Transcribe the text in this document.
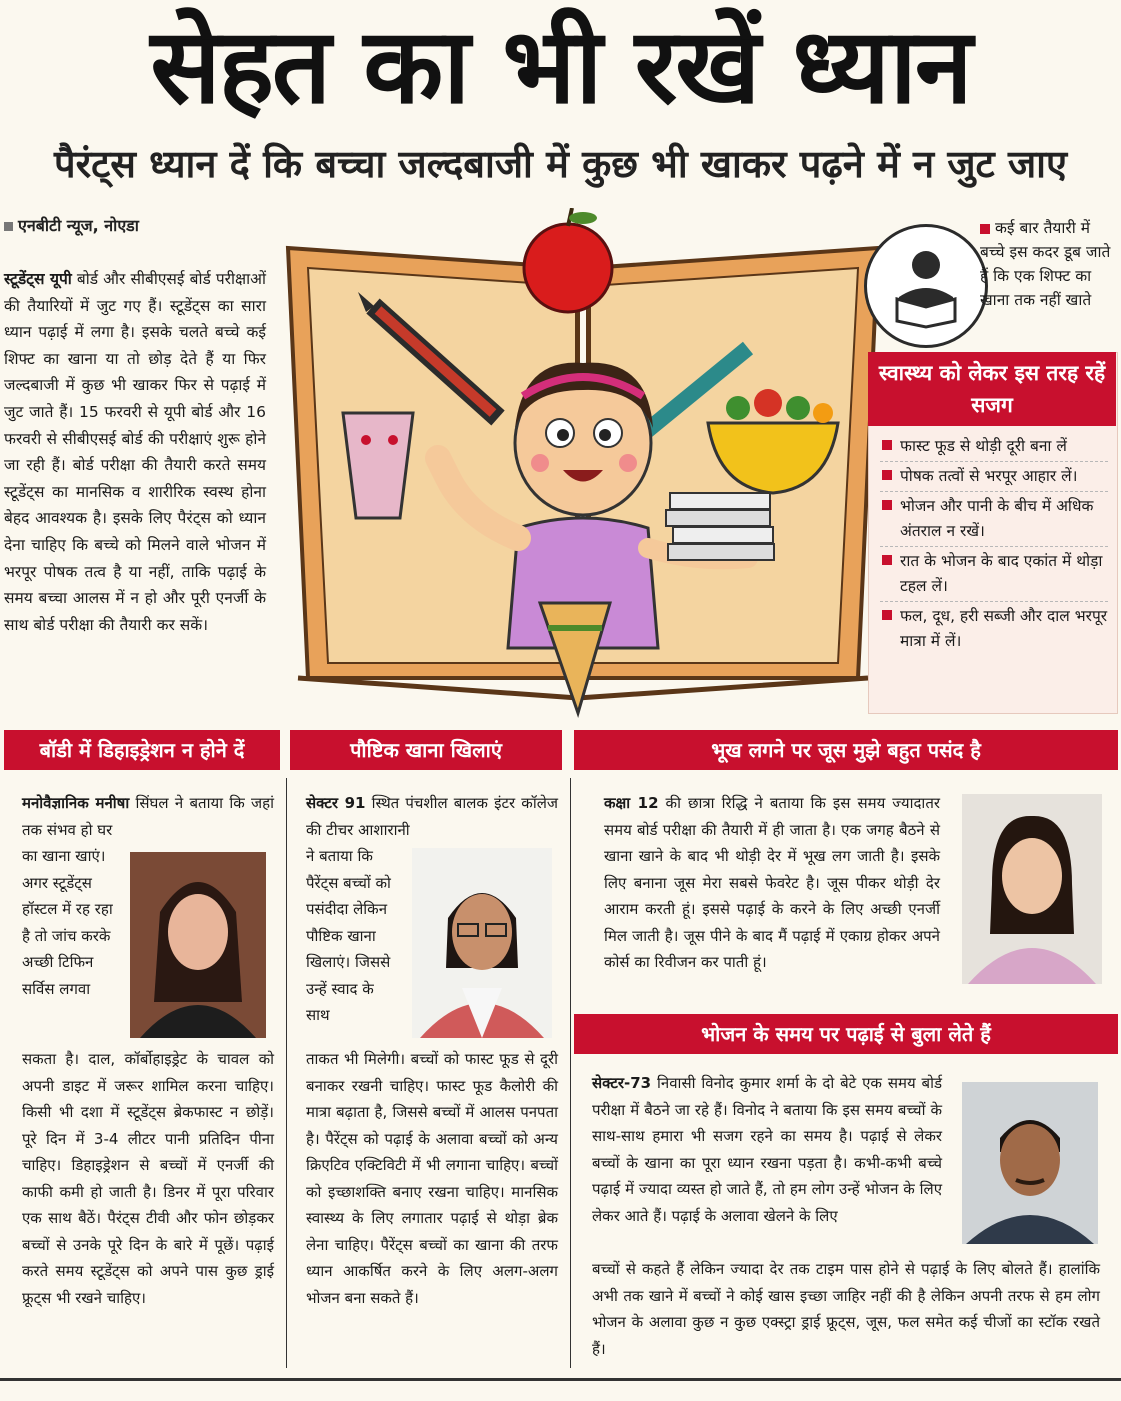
सेहत का भी रखें ध्यान
पैरंट्स ध्यान दें कि बच्चा जल्दबाजी में कुछ भी खाकर पढ़ने में न जुट जाए
एनबीटी न्यूज, नोएडा
स्टूडेंट्स यूपी बोर्ड और सीबीएसई बोर्ड परीक्षाओं की तैयारियों में जुट गए हैं। स्टूडेंट्स का सारा ध्यान पढ़ाई में लगा है। इसके चलते बच्चे कई शिफ्ट का खाना या तो छोड़ देते हैं या फिर जल्दबाजी में कुछ भी खाकर फिर से पढ़ाई में जुट जाते हैं। 15 फरवरी से यूपी बोर्ड और 16 फरवरी से सीबीएसई बोर्ड की परीक्षाएं शुरू होने जा रही हैं। बोर्ड परीक्षा की तैयारी करते समय स्टूडेंट्स का मानसिक व शारीरिक स्वस्थ होना बेहद आवश्यक है। इसके लिए पैरंट्स को ध्यान देना चाहिए कि बच्चे को मिलने वाले भोजन में भरपूर पोषक तत्व है या नहीं, ताकि पढ़ाई के समय बच्चा आलस में न हो और पूरी एनर्जी के साथ बोर्ड परीक्षा की तैयारी कर सकें।
कई बार तैयारी में बच्चे इस कदर डूब जाते हैं कि एक शिफ्ट का खाना तक नहीं खाते
स्वास्थ्य को लेकर इस तरह रहें सजग
फास्ट फूड से थोड़ी दूरी बना लें
पोषक तत्वों से भरपूर आहार लें।
भोजन और पानी के बीच में अधिक अंतराल न रखें।
रात के भोजन के बाद एकांत में थोड़ा टहल लें।
फल, दूध, हरी सब्जी और दाल भरपूर मात्रा में लें।
बॉडी में डिहाइड्रेशन न होने दें	पौष्टिक खाना खिलाएं	भूख लगने पर जूस मुझे बहुत पसंद है
मनोवैज्ञानिक मनीषा सिंघल ने बताया कि जहां तक संभव हो घर
का खाना खाएं। अगर स्टूडेंट्स हॉस्टल में रह रहा है तो जांच करके अच्छी टिफिन सर्विस लगवा
सकता है। दाल, कॉर्बोहाइड्रेट के चावल को अपनी डाइट में जरूर शामिल करना चाहिए। किसी भी दशा में स्टूडेंट्स ब्रेकफास्ट न छोड़ें। पूरे दिन में 3-4 लीटर पानी प्रतिदिन पीना चाहिए। डिहाइड्रेशन से बच्चों में एनर्जी की काफी कमी हो जाती है। डिनर में पूरा परिवार एक साथ बैठें। पैरंट्स टीवी और फोन छोड़कर बच्चों से उनके पूरे दिन के बारे में पूछें। पढ़ाई करते समय स्टूडेंट्स को अपने पास कुछ ड्राई फ्रूट्स भी रखने चाहिए।
सेक्टर 91 स्थित पंचशील बालक इंटर कॉलेज की टीचर आशारानी
ने बताया कि पैरेंट्स बच्चों को पसंदीदा लेकिन पौष्टिक खाना खिलाएं। जिससे उन्हें स्वाद के साथ
ताकत भी मिलेगी। बच्चों को फास्ट फूड से दूरी बनाकर रखनी चाहिए। फास्ट फूड कैलोरी की मात्रा बढ़ाता है, जिससे बच्चों में आलस पनपता है। पैरेंट्स को पढ़ाई के अलावा बच्चों को अन्य क्रिएटिव एक्टिविटी में भी लगाना चाहिए। बच्चों को इच्छाशक्ति बनाए रखना चाहिए। मानसिक स्वास्थ्य के लिए लगातार पढ़ाई से थोड़ा ब्रेक लेना चाहिए। पैरेंट्स बच्चों का खाना की तरफ ध्यान आकर्षित करने के लिए अलग-अलग भोजन बना सकते हैं।
कक्षा 12 की छात्रा रिद्धि ने बताया कि इस समय ज्यादातर समय बोर्ड परीक्षा की तैयारी में ही जाता है। एक जगह बैठने से खाना खाने के बाद भी थोड़ी देर में भूख लग जाती है। इसके लिए बनाना जूस मेरा सबसे फेवरेट है। जूस पीकर थोड़ी देर आराम करती हूं। इससे पढ़ाई के करने के लिए अच्छी एनर्जी मिल जाती है। जूस पीने के बाद मैं पढ़ाई में एकाग्र होकर अपने कोर्स का रिवीजन कर पाती हूं।
भोजन के समय पर पढ़ाई से बुला लेते हैं
सेक्टर-73 निवासी विनोद कुमार शर्मा के दो बेटे एक समय बोर्ड परीक्षा में बैठने जा रहे हैं। विनोद ने बताया कि इस समय बच्चों के साथ-साथ हमारा भी सजग रहने का समय है। पढ़ाई से लेकर बच्चों के खाना का पूरा ध्यान रखना पड़ता है। कभी-कभी बच्चे पढ़ाई में ज्यादा व्यस्त हो जाते हैं, तो हम लोग उन्हें भोजन के लिए लेकर आते हैं। पढ़ाई के अलावा खेलने के लिए
बच्चों से कहते हैं लेकिन ज्यादा देर तक टाइम पास होने से पढ़ाई के लिए बोलते हैं। हालांकि अभी तक खाने में बच्चों ने कोई खास इच्छा जाहिर नहीं की है लेकिन अपनी तरफ से हम लोग भोजन के अलावा कुछ न कुछ एक्स्ट्रा ड्राई फ्रूट्स, जूस, फल समेत कई चीजों का स्टॉक रखते हैं।
